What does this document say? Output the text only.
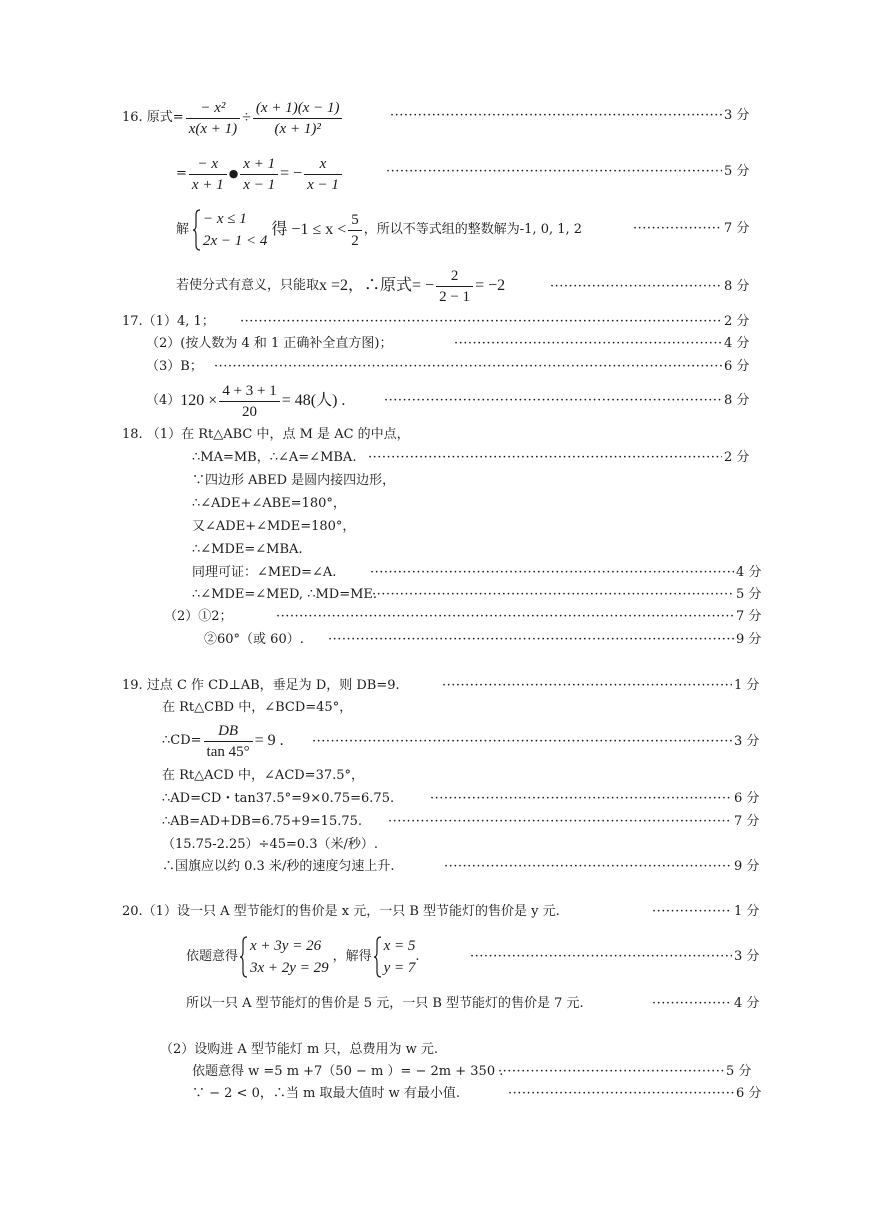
16. 原式= $\frac{\text{− x²}}{x(x + 1)} \div \frac{(x + 1)(x - 1)}{\text{(x + 1)²}}$ ·····	3 分
= $\frac{- x}{x + 1}$ ● $\frac{x + 1}{x - 1}$ = − $\frac{x}{x - 1}$ ·····	5 分
解
− x ≤ 1
2x − 1 < 4
得 $-1 \le x < \frac{5}{2}$ ，所以不等式组的整数解为-1, 0, 1, 2 ·····	7 分
若使分式有意义，只能取 x =2，∴原式= − $\frac{2}{2 - 1} = -2$ ·····	8 分
17.（1）4, 1； ·····	2 分
（2）(按人数为 4 和 1 正确补全直方图)； ·····	4 分
（3）B； ·····	6 分
（4） $120 \times \frac{4 + 3 + 1}{20} = 48$(人) . ·····	8 分
18. （1）在 Rt△ABC 中，点 M 是 AC 的中点，
∴MA=MB，∴∠A=∠MBA. ·····	2 分
∵四边形 ABED 是圆内接四边形，
∴∠ADE+∠ABE=180°，
又∠ADE+∠MDE=180°，
∴∠MDE=∠MBA.
同理可证：∠MED=∠A. ·····	4 分
∴∠MDE=∠MED, ∴MD=ME. ·····	5 分
（2）①2； ·····	7 分
②60°（或 60）. ·····	9 分
19. 过点 C 作 CD⊥AB，垂足为 D，则 DB=9. ·····	1 分
在 Rt△CBD 中，∠BCD=45°，
∴CD= $\frac{DB}{\tan 45^\circ} = 9$ . ·····	3 分
在 Rt△ACD 中，∠ACD=37.5°，
∴AD=CD・tan37.5°=9×0.75=6.75. ·····	6 分
∴AB=AD+DB=6.75+9=15.75. ·····	7 分
（15.75-2.25）÷45=0.3（米/秒）.
∴国旗应以约 0.3 米/秒的速度匀速上升. ·····	9 分
20.（1）设一只 A 型节能灯的售价是 x 元，一只 B 型节能灯的售价是 y 元. ·····	1 分
依题意得
x + 3y = 26
3x + 2y = 29
，解得
x = 5
y = 7
. ·····	3 分
所以一只 A 型节能灯的售价是 5 元，一只 B 型节能灯的售价是 7 元. ·····	4 分
（2）设购进 A 型节能灯 m 只，总费用为 w 元.
依题意得 w =5 m +7（50 − m ）= − 2m + 350 . ·····	5 分
∵ − 2 < 0，∴当 m 取最大值时 w 有最小值. ·····	6 分
